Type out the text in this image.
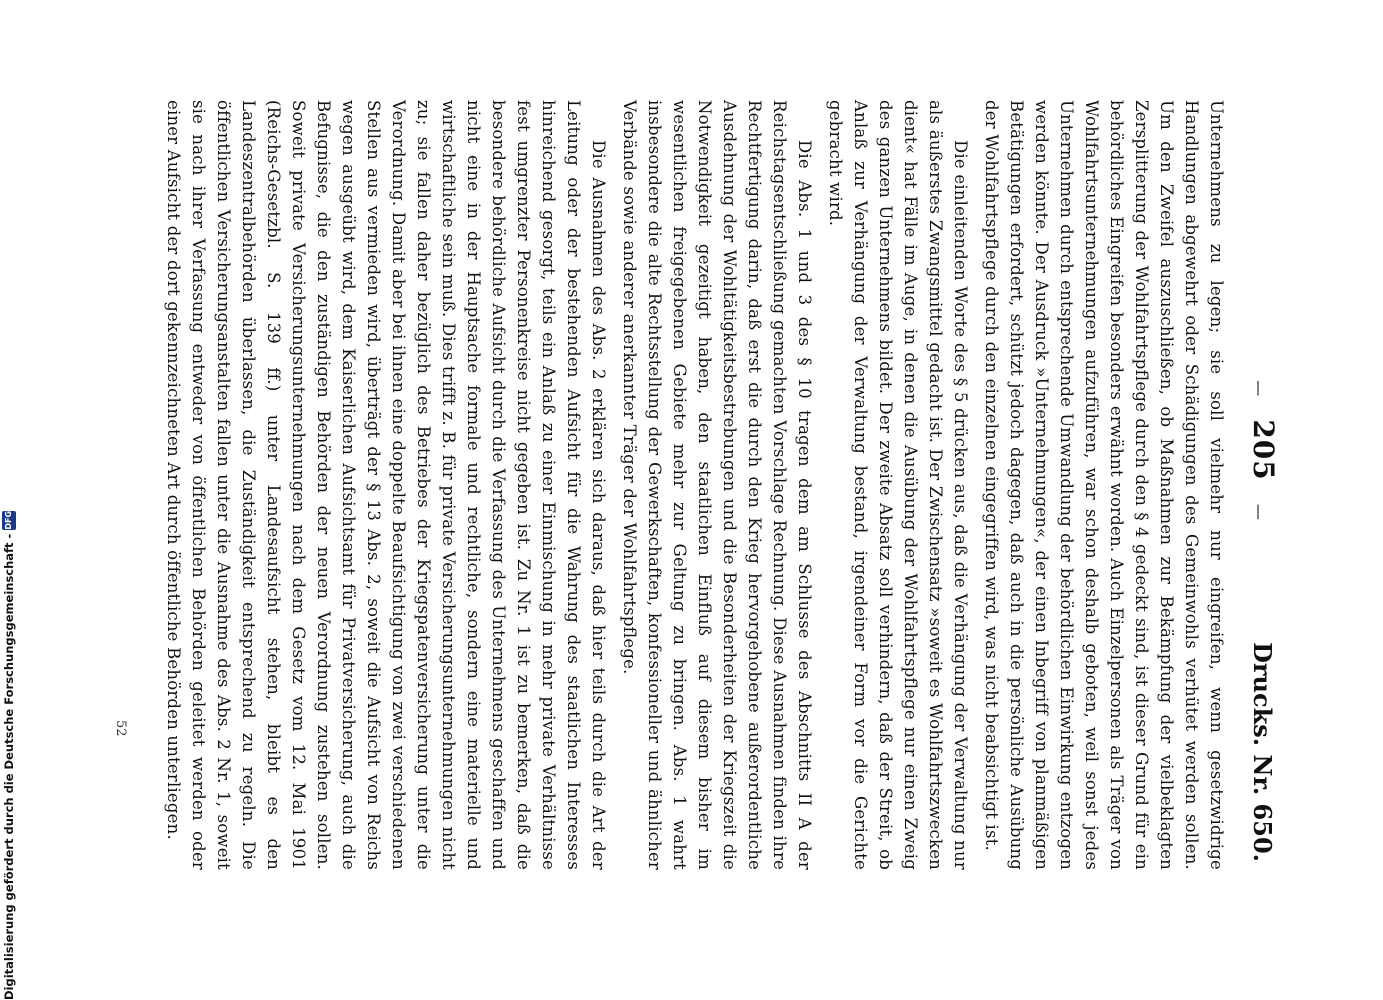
— 205 —
Drucks. Nr. 650.

Unternehmens zu legen; sie soll vielmehr nur eingreifen, wenn gesetzwidrige Handlungen abgewehrt oder Schädigungen des Gemeinwohls verhütet werden sollen. Um den Zweifel auszuschließen, ob Maßnahmen zur Bekämpfung der vielbeklagten Zersplitterung der Wohlfahrtspflege durch den § 4 gedeckt sind, ist dieser Grund für ein behördliches Eingreifen besonders erwähnt worden. Auch Einzelpersonen als Träger von Wohlfahrtsunternehmungen aufzuführen, war schon deshalb geboten, weil sonst jedes Unternehmen durch entsprechende Umwandlung der behördlichen Einwirkung entzogen werden könnte. Der Ausdruck »Unternehmungen«, der einen Inbegriff von planmäßigen Betätigungen erfordert, schützt jedoch dagegen, daß auch in die persönliche Ausübung der Wohlfahrtspflege durch den einzelnen eingegriffen wird, was nicht beabsichtigt ist.

Die einleitenden Worte des § 5 drücken aus, daß die Verhängung der Verwaltung nur als äußerstes Zwangsmittel gedacht ist. Der Zwischensatz »soweit es Wohlfahrtszwecken dient« hat Fälle im Auge, in denen die Ausübung der Wohlfahrtspflege nur einen Zweig des ganzen Unternehmens bildet. Der zweite Absatz soll verhindern, daß der Streit, ob Anlaß zur Verhängung der Verwaltung bestand, irgendeiner Form vor die Gerichte gebracht wird.

Die Abs. 1 und 3 des § 10 tragen dem am Schlusse des Abschnitts II A der Reichstagsentschließung gemachten Vorschlage Rechnung. Diese Ausnahmen finden ihre Rechtfertigung darin, daß erst die durch den Krieg hervorgehobene außerordentliche Ausdehnung der Wohltätigkeitsbestrebungen und die Besonderheiten der Kriegszeit die Notwendigkeit gezeitigt haben, den staatlichen Einfluß auf diesem bisher im wesentlichen freigegebenen Gebiete mehr zur Geltung zu bringen. Abs. 1 wahrt insbesondere die alte Rechtsstellung der Gewerkschaften, konfessioneller und ähnlicher Verbände sowie anderer anerkannter Träger der Wohlfahrtspflege.

Die Ausnahmen des Abs. 2 erklären sich daraus, daß hier teils durch die Art der Leitung oder der bestehenden Aufsicht für die Wahrung des staatlichen Interesses hinreichend gesorgt, teils ein Anlaß zu einer Einmischung in mehr private Verhältnisse fest umgrenzter Personenkreise nicht gegeben ist. Zu Nr. 1 ist zu bemerken, daß die besondere behördliche Aufsicht durch die Verfassung des Unternehmens geschaffen und nicht eine in der Hauptsache formale und rechtliche, sondern eine materielle und wirtschaftliche sein muß. Dies trifft z. B. für private Versicherungsunternehmungen nicht zu; sie fallen daher bezüglich des Betriebes der Kriegspatenversicherung unter die Verordnung. Damit aber bei ihnen eine doppelte Beaufsichtigung von zwei verschiedenen Stellen aus vermieden wird, überträgt der § 13 Abs. 2, soweit die Aufsicht von Reichs wegen ausgeübt wird, dem Kaiserlichen Aufsichtsamt für Privatversicherung, auch die Befugnisse, die den zuständigen Behörden der neuen Verordnung zustehen sollen. Soweit private Versicherungsunternehmungen nach dem Gesetz vom 12. Mai 1901 (Reichs-Gesetzbl. S. 139 ff.) unter Landesaufsicht stehen, bleibt es den Landeszentralbehörden überlassen, die Zuständigkeit entsprechend zu regeln. Die öffentlichen Versicherungsanstalten fallen unter die Ausnahme des Abs. 2 Nr. 1, soweit sie nach ihrer Verfassung entweder von öffentlichen Behörden geleitet werden oder einer Aufsicht der dort gekennzeichneten Art durch öffentliche Behörden unterliegen.

52
Digitalisierung gefördert durch die Deutsche Forschungsgemeinschaft -
DFG
